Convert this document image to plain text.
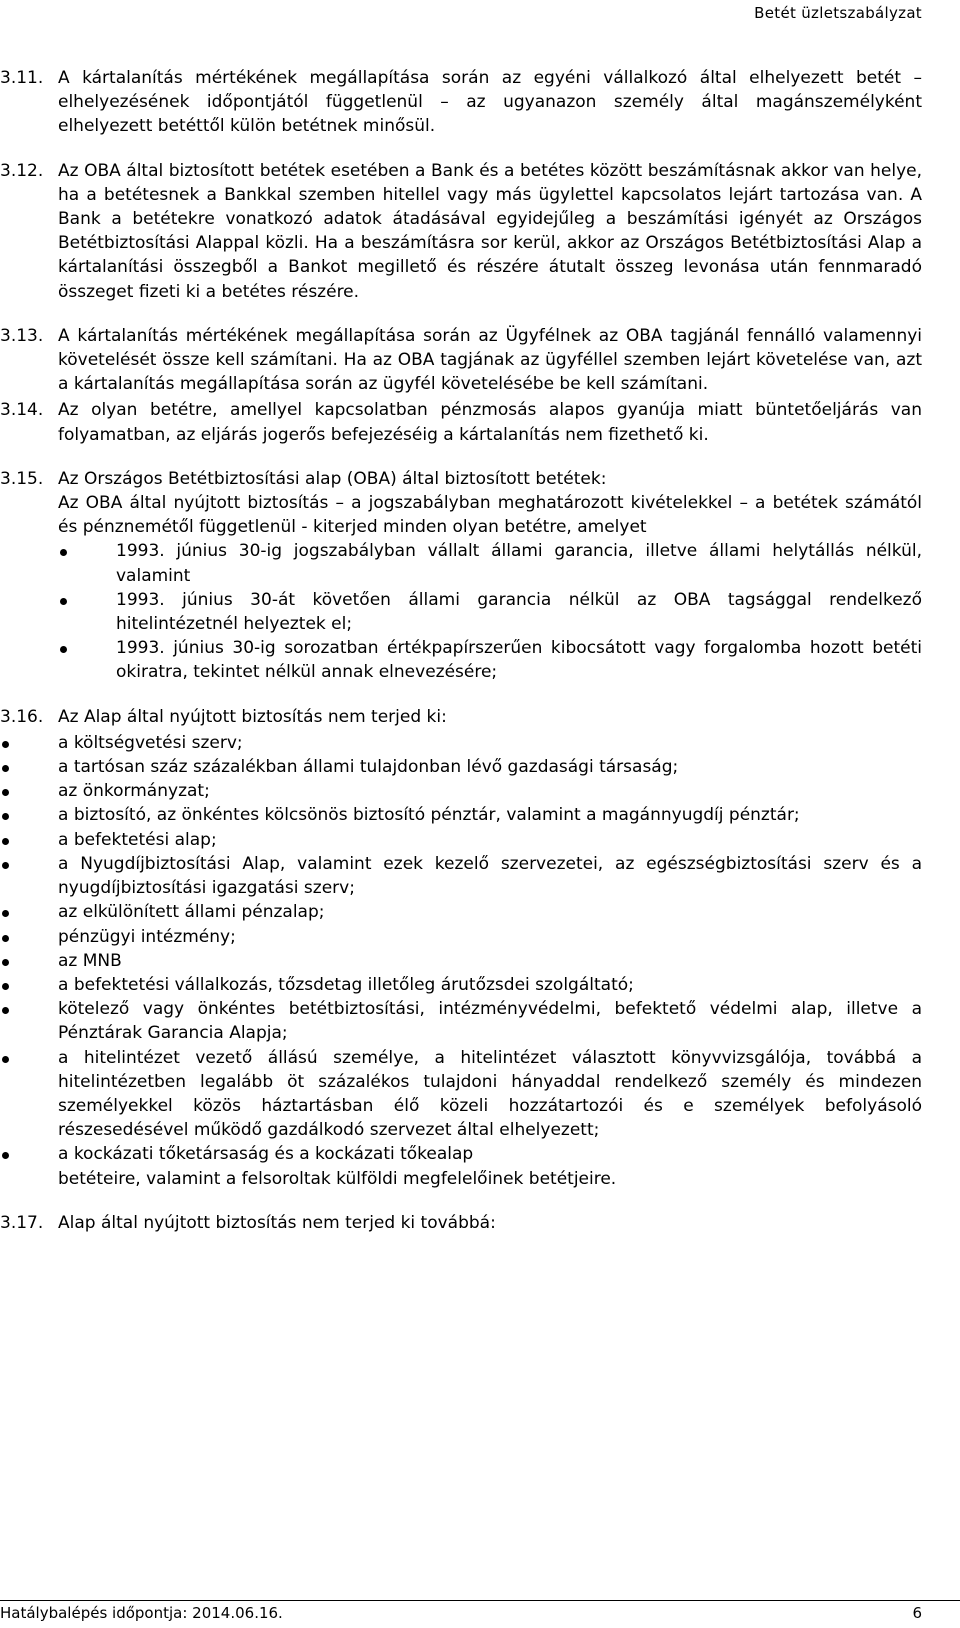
Betét üzletszabályzat
3.11. A kártalanítás mértékének megállapítása során az egyéni vállalkozó által elhelyezett betét – elhelyezésének időpontjától függetlenül – az ugyanazon személy által magánszemélyként elhelyezett betéttől külön betétnek minősül.

3.12. Az OBA által biztosított betétek esetében a Bank és a betétes között beszámításnak akkor van helye, ha a betétesnek a Bankkal szemben hitellel vagy más ügylettel kapcsolatos lejárt tartozása van. A Bank a betétekre vonatkozó adatok átadásával egyidejűleg a beszámítási igényét az Országos Betétbiztosítási Alappal közli. Ha a beszámításra sor kerül, akkor az Országos Betétbiztosítási Alap a kártalanítási összegből a Bankot megillető és részére átutalt összeg levonása után fennmaradó összeget fizeti ki a betétes részére.

3.13. A kártalanítás mértékének megállapítása során az Ügyfélnek az OBA tagjánál fennálló valamennyi követelését össze kell számítani. Ha az OBA tagjának az ügyféllel szemben lejárt követelése van, azt a kártalanítás megállapítása során az ügyfél követelésébe be kell számítani.

3.14. Az olyan betétre, amellyel kapcsolatban pénzmosás alapos gyanúja miatt büntetőeljárás van folyamatban, az eljárás jogerős befejezéséig a kártalanítás nem fizethető ki.

3.15. Az Országos Betétbiztosítási alap (OBA) által biztosított betétek:

Az OBA által nyújtott biztosítás – a jogszabályban meghatározott kivételekkel – a betétek számától és pénznemétől függetlenül - kiterjed minden olyan betétre, amelyet

1993. június 30-ig jogszabályban vállalt állami garancia, illetve állami helytállás nélkül, valamint
1993. június 30-át követően állami garancia nélkül az OBA tagsággal rendelkező hitelintézetnél helyeztek el;
1993. június 30-ig sorozatban értékpapírszerűen kibocsátott vagy forgalomba hozott betéti okiratra, tekintet nélkül annak elnevezésére;
3.16. Az Alap által nyújtott biztosítás nem terjed ki:

a költségvetési szerv;
a tartósan száz százalékban állami tulajdonban lévő gazdasági társaság;
az önkormányzat;
a biztosító, az önkéntes kölcsönös biztosító pénztár, valamint a magánnyugdíj pénztár;
a befektetési alap;
a Nyugdíjbiztosítási Alap, valamint ezek kezelő szervezetei, az egészségbiztosítási szerv és a nyugdíjbiztosítási igazgatási szerv;
az elkülönített állami pénzalap;
pénzügyi intézmény;
az MNB
a befektetési vállalkozás, tőzsdetag illetőleg árutőzsdei szolgáltató;
kötelező vagy önkéntes betétbiztosítási, intézményvédelmi, befektető védelmi alap, illetve a Pénztárak Garancia Alapja;
a hitelintézet vezető állású személye, a hitelintézet választott könyvvizsgálója, továbbá a hitelintézetben legalább öt százalékos tulajdoni hányaddal rendelkező személy és mindezen személyekkel közös háztartásban élő közeli hozzátartozói és e személyek befolyásoló részesedésével működő gazdálkodó szervezet által elhelyezett;
a kockázati tőketársaság és a kockázati tőkealap

betéteire, valamint a felsoroltak külföldi megfelelőinek betétjeire.

3.17. Alap által nyújtott biztosítás nem terjed ki továbbá:

Hatálybalépés időpontja: 2014.06.16.	6
